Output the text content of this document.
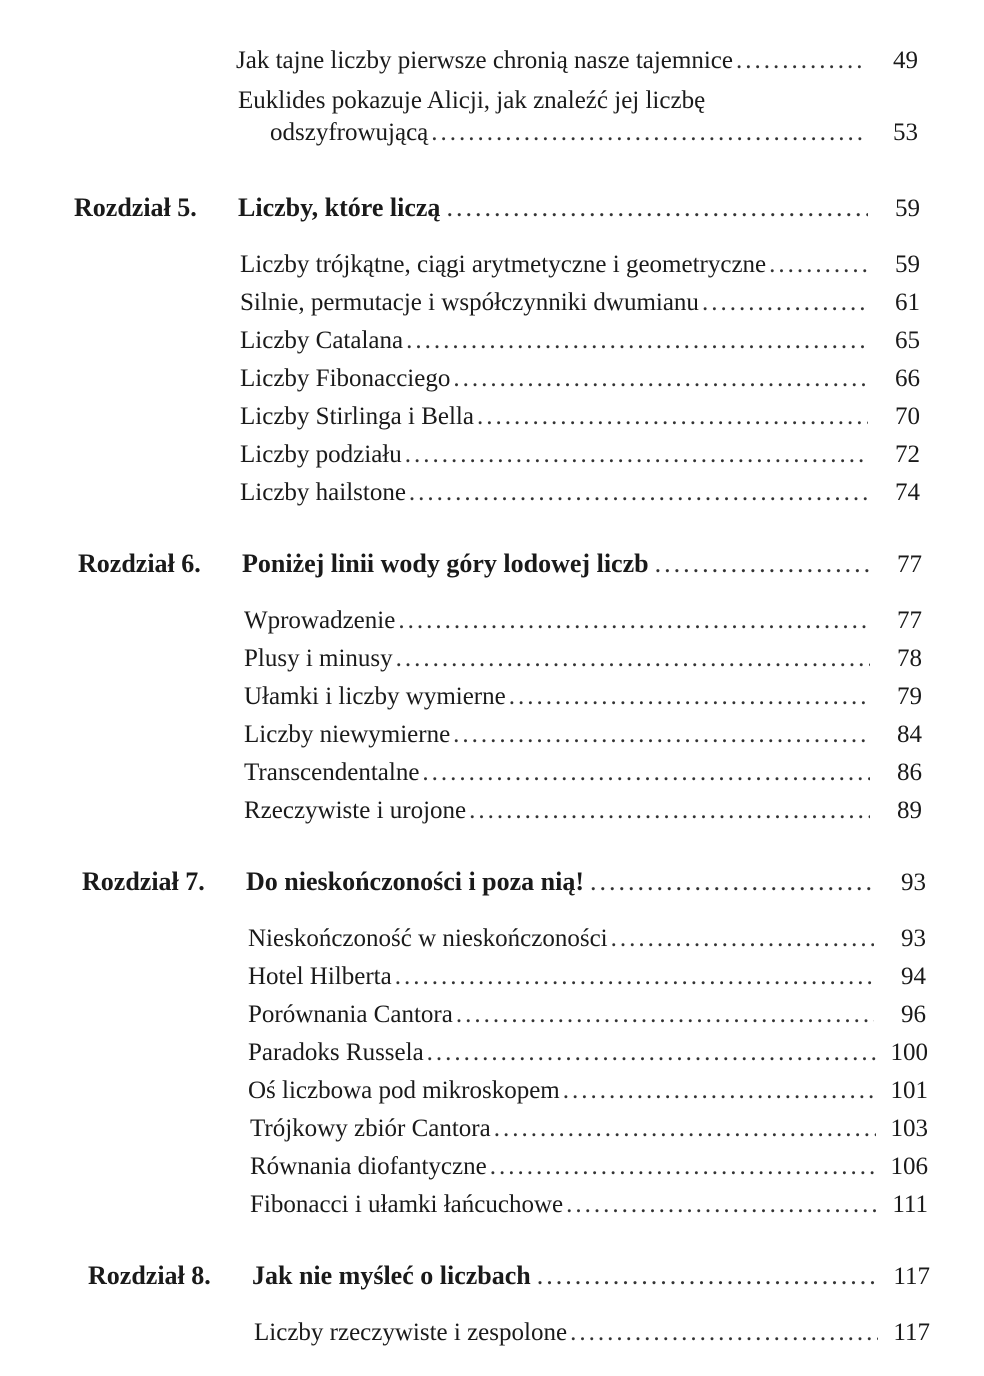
Jak tajne liczby pierwsze chronią nasze tajemnice .....	49
Euklides pokazuje Alicji, jak znaleźć jej liczbę
odszyfrowującą .....	53
Rozdział 5.	Liczby, które liczą .....	59
Liczby trójkątne, ciągi arytmetyczne i geometryczne .....	59
Silnie, permutacje i współczynniki dwumianu .....	61
Liczby Catalana .....	65
Liczby Fibonacciego .....	66
Liczby Stirlinga i Bella .....	70
Liczby podziału .....	72
Liczby hailstone .....	74
Rozdział 6.	Poniżej linii wody góry lodowej liczb .....	77
Wprowadzenie .....	77
Plusy i minusy .....	78
Ułamki i liczby wymierne .....	79
Liczby niewymierne .....	84
Transcendentalne .....	86
Rzeczywiste i urojone .....	89
Rozdział 7.	Do nieskończoności i poza nią! .....	93
Nieskończoność w nieskończoności .....	93
Hotel Hilberta .....	94
Porównania Cantora .....	96
Paradoks Russela .....	100
Oś liczbowa pod mikroskopem .....	101
Trójkowy zbiór Cantora .....	103
Równania diofantyczne .....	106
Fibonacci i ułamki łańcuchowe .....	111
Rozdział 8.	Jak nie myśleć o liczbach .....	117
Liczby rzeczywiste i zespolone .....	117
